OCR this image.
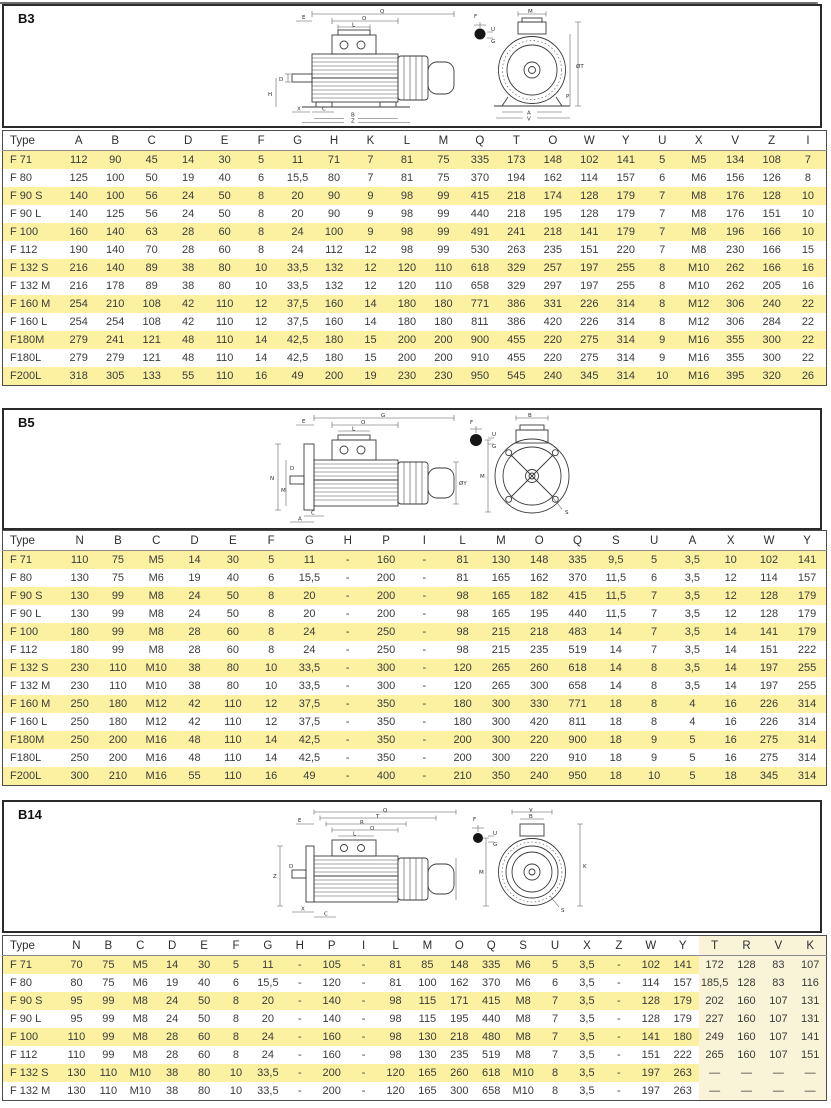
B3	Q
O
L
E
D
H
X	C
B
Z
F
U
G
M
A
V
ØT
P
Type	A	B	C	D	E	F	G	H	K	L	M	Q	T	O	W	Y	U	X	V	Z	I
F 71	112	90	45	14	30	5	11	71	7	81	75	335	173	148	102	141	5	M5	134	108	7
F 80	125	100	50	19	40	6	15,5	80	7	81	75	370	194	162	114	157	6	M6	156	126	8
F 90 S	140	100	56	24	50	8	20	90	9	98	99	415	218	174	128	179	7	M8	176	128	10
F 90 L	140	125	56	24	50	8	20	90	9	98	99	440	218	195	128	179	7	M8	176	151	10
F 100	160	140	63	28	60	8	24	100	9	98	99	491	241	218	141	179	7	M8	196	166	10
F 112	190	140	70	28	60	8	24	112	12	98	99	530	263	235	151	220	7	M8	230	166	15
F 132 S	216	140	89	38	80	10	33,5	132	12	120	110	618	329	257	197	255	8	M10	262	166	16
F 132 M	216	178	89	38	80	10	33,5	132	12	120	110	658	329	297	197	255	8	M10	262	205	16
F 160 M	254	210	108	42	110	12	37,5	160	14	180	180	771	386	331	226	314	8	M12	306	240	22
F 160 L	254	254	108	42	110	12	37,5	160	14	180	180	811	386	420	226	314	8	M12	306	284	22
F180M	279	241	121	48	110	14	42,5	180	15	200	200	900	455	220	275	314	9	M16	355	300	22
F180L	279	279	121	48	110	14	42,5	180	15	200	200	910	455	220	275	314	9	M16	355	300	22
F200L	318	305	133	55	110	16	49	200	19	230	230	950	545	240	345	314	10	M16	395	320	26
B5	G
O
L
E
N
M
D
C
A
ØY
F
U
G
B
M
S
Type	N	B	C	D	E	F	G	H	P	I	L	M	O	Q	S	U	A	X	W	Y
F 71	110	75	M5	14	30	5	11	-	160	-	81	130	148	335	9,5	5	3,5	10	102	141
F 80	130	75	M6	19	40	6	15,5	-	200	-	81	165	162	370	11,5	6	3,5	12	114	157
F 90 S	130	99	M8	24	50	8	20	-	200	-	98	165	182	415	11,5	7	3,5	12	128	179
F 90 L	130	99	M8	24	50	8	20	-	200	-	98	165	195	440	11,5	7	3,5	12	128	179
F 100	180	99	M8	28	60	8	24	-	250	-	98	215	218	483	14	7	3,5	14	141	179
F 112	180	99	M8	28	60	8	24	-	250	-	98	215	235	519	14	7	3,5	14	151	222
F 132 S	230	110	M10	38	80	10	33,5	-	300	-	120	265	260	618	14	8	3,5	14	197	255
F 132 M	230	110	M10	38	80	10	33,5	-	300	-	120	265	300	658	14	8	3,5	14	197	255
F 160 M	250	180	M12	42	110	12	37,5	-	350	-	180	300	330	771	18	8	4	16	226	314
F 160 L	250	180	M12	42	110	12	37,5	-	350	-	180	300	420	811	18	8	4	16	226	314
F180M	250	200	M16	48	110	14	42,5	-	350	-	200	300	220	900	18	9	5	16	275	314
F180L	250	200	M16	48	110	14	42,5	-	350	-	200	300	220	910	18	9	5	16	275	314
F200L	300	210	M16	55	110	16	49	-	400	-	210	350	240	950	18	10	5	18	345	314
B14	Q
T
R
O
L
E
Z
D
X
C
F
U
G
V
B
M
K
S
Type	N	B	C	D	E	F	G	H	P	I	L	M	O	Q	S	U	X	Z	W	Y	T	R	V	K
F 71	70	75	M5	14	30	5	11	-	105	-	81	85	148	335	M6	5	3,5	-	102	141	172	128	83	107
F 80	80	75	M6	19	40	6	15,5	-	120	-	81	100	162	370	M6	6	3,5	-	114	157	185,5	128	83	116
F 90 S	95	99	M8	24	50	8	20	-	140	-	98	115	171	415	M8	7	3,5	-	128	179	202	160	107	131
F 90 L	95	99	M8	24	50	8	20	-	140	-	98	115	195	440	M8	7	3,5	-	128	179	227	160	107	131
F 100	110	99	M8	28	60	8	24	-	160	-	98	130	218	480	M8	7	3,5	-	141	180	249	160	107	141
F 112	110	99	M8	28	60	8	24	-	160	-	98	130	235	519	M8	7	3,5	-	151	222	265	160	107	151
F 132 S	130	110	M10	38	80	10	33,5	-	200	-	120	165	260	618	M10	8	3,5	-	197	263	—	—	—	—
F 132 M	130	110	M10	38	80	10	33,5	-	200	-	120	165	300	658	M10	8	3,5	-	197	263	—	—	—	—
